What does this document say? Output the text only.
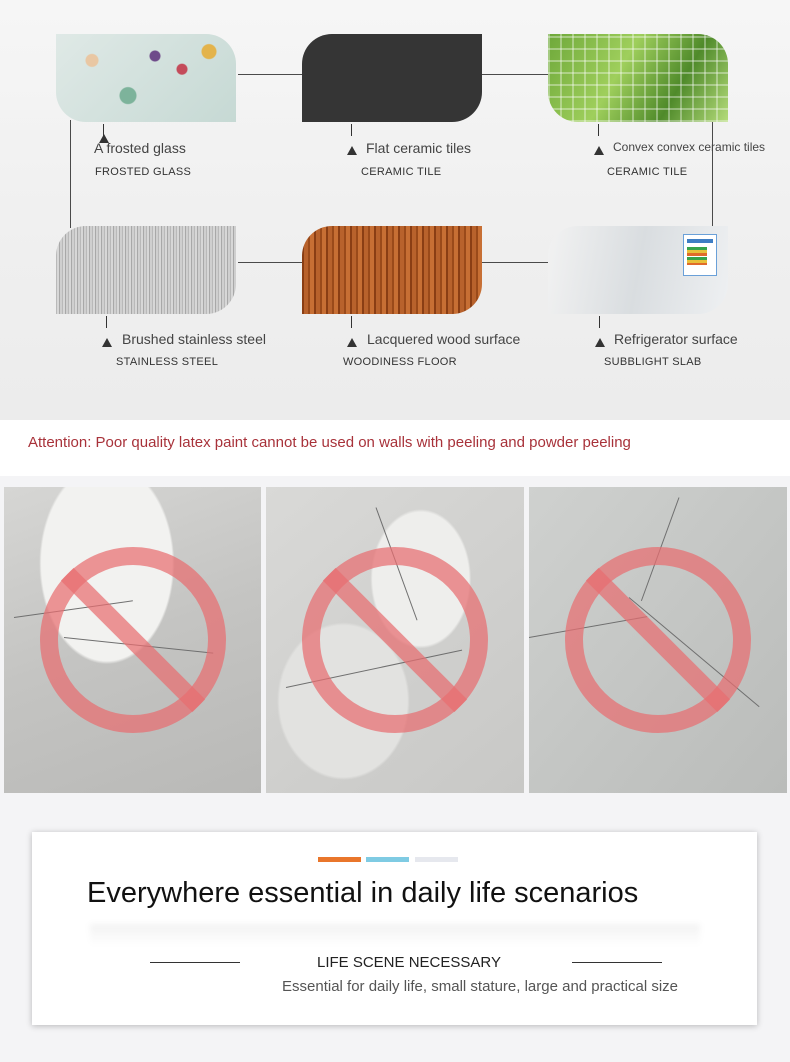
A frosted glass
FROSTED GLASS
Flat ceramic tiles
CERAMIC TILE
Convex convex ceramic tiles
CERAMIC TILE
Brushed stainless steel
STAINLESS STEEL
Lacquered wood surface
WOODINESS FLOOR
Refrigerator surface
SUBBLIGHT SLAB
Attention: Poor quality latex paint cannot be used on walls with peeling and powder peeling
Everywhere essential in daily life scenarios
LIFE SCENE NECESSARY
Essential for daily life, small stature, large and practical size
